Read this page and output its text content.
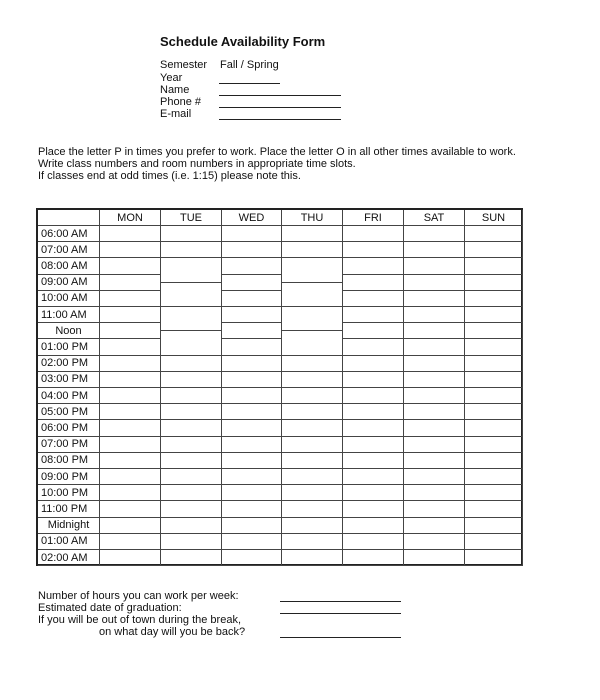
Schedule Availability Form
Semester Fall / Spring
Year
Name
Phone #
E-mail
Place the letter P in times you prefer to work. Place the letter O in all other times available to work.
Write class numbers and room numbers in appropriate time slots.
If classes end at odd times (i.e. 1:15) please note this.
MON	TUE	WED	THU	FRI	SAT	SUN
06:00 AM
07:00 AM
08:00 AM
09:00 AM
10:00 AM
11:00 AM
Noon
01:00 PM
02:00 PM
03:00 PM
04:00 PM
05:00 PM
06:00 PM
07:00 PM
08:00 PM
09:00 PM
10:00 PM
11:00 PM
Midnight
01:00 AM
02:00 AM
Number of hours you can work per week:
Estimated date of graduation:
If you will be out of town during the break,
on what day will you be back?
